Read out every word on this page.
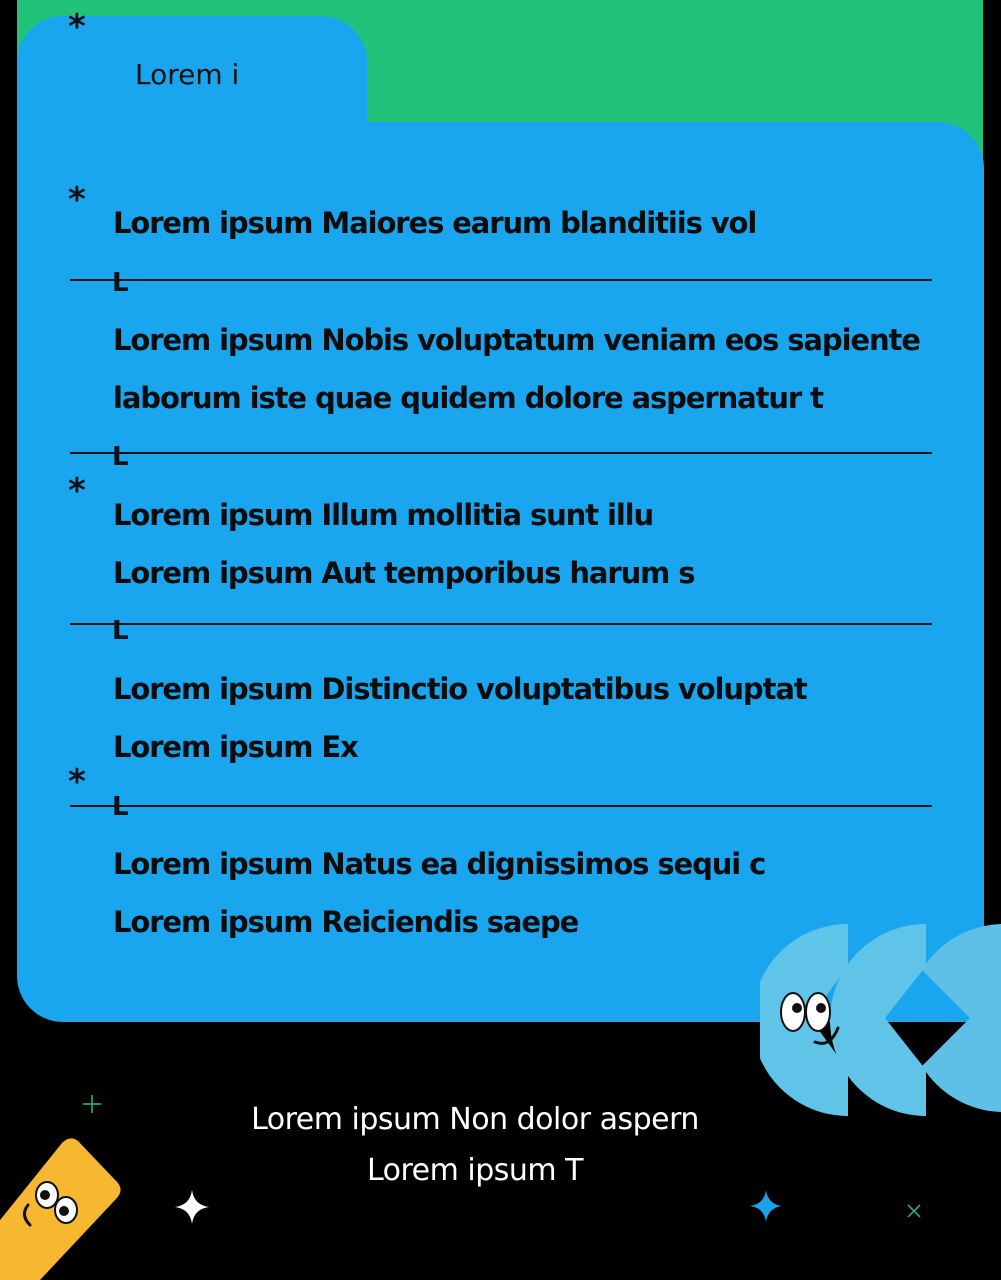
*
Lorem i
*
Lorem ipsum Maiores earum blanditiis vol
L
Lorem ipsum Nobis voluptatum veniam eos sapiente
laborum iste quae quidem dolore aspernatur t
L
*
Lorem ipsum Illum mollitia sunt illu
Lorem ipsum Aut temporibus harum s
L
Lorem ipsum Distinctio voluptatibus voluptat
Lorem ipsum Ex
*
L
Lorem ipsum Natus ea dignissimos sequi c
Lorem ipsum Reiciendis saepe
Lorem ipsum Non dolor aspern
Lorem ipsum T
